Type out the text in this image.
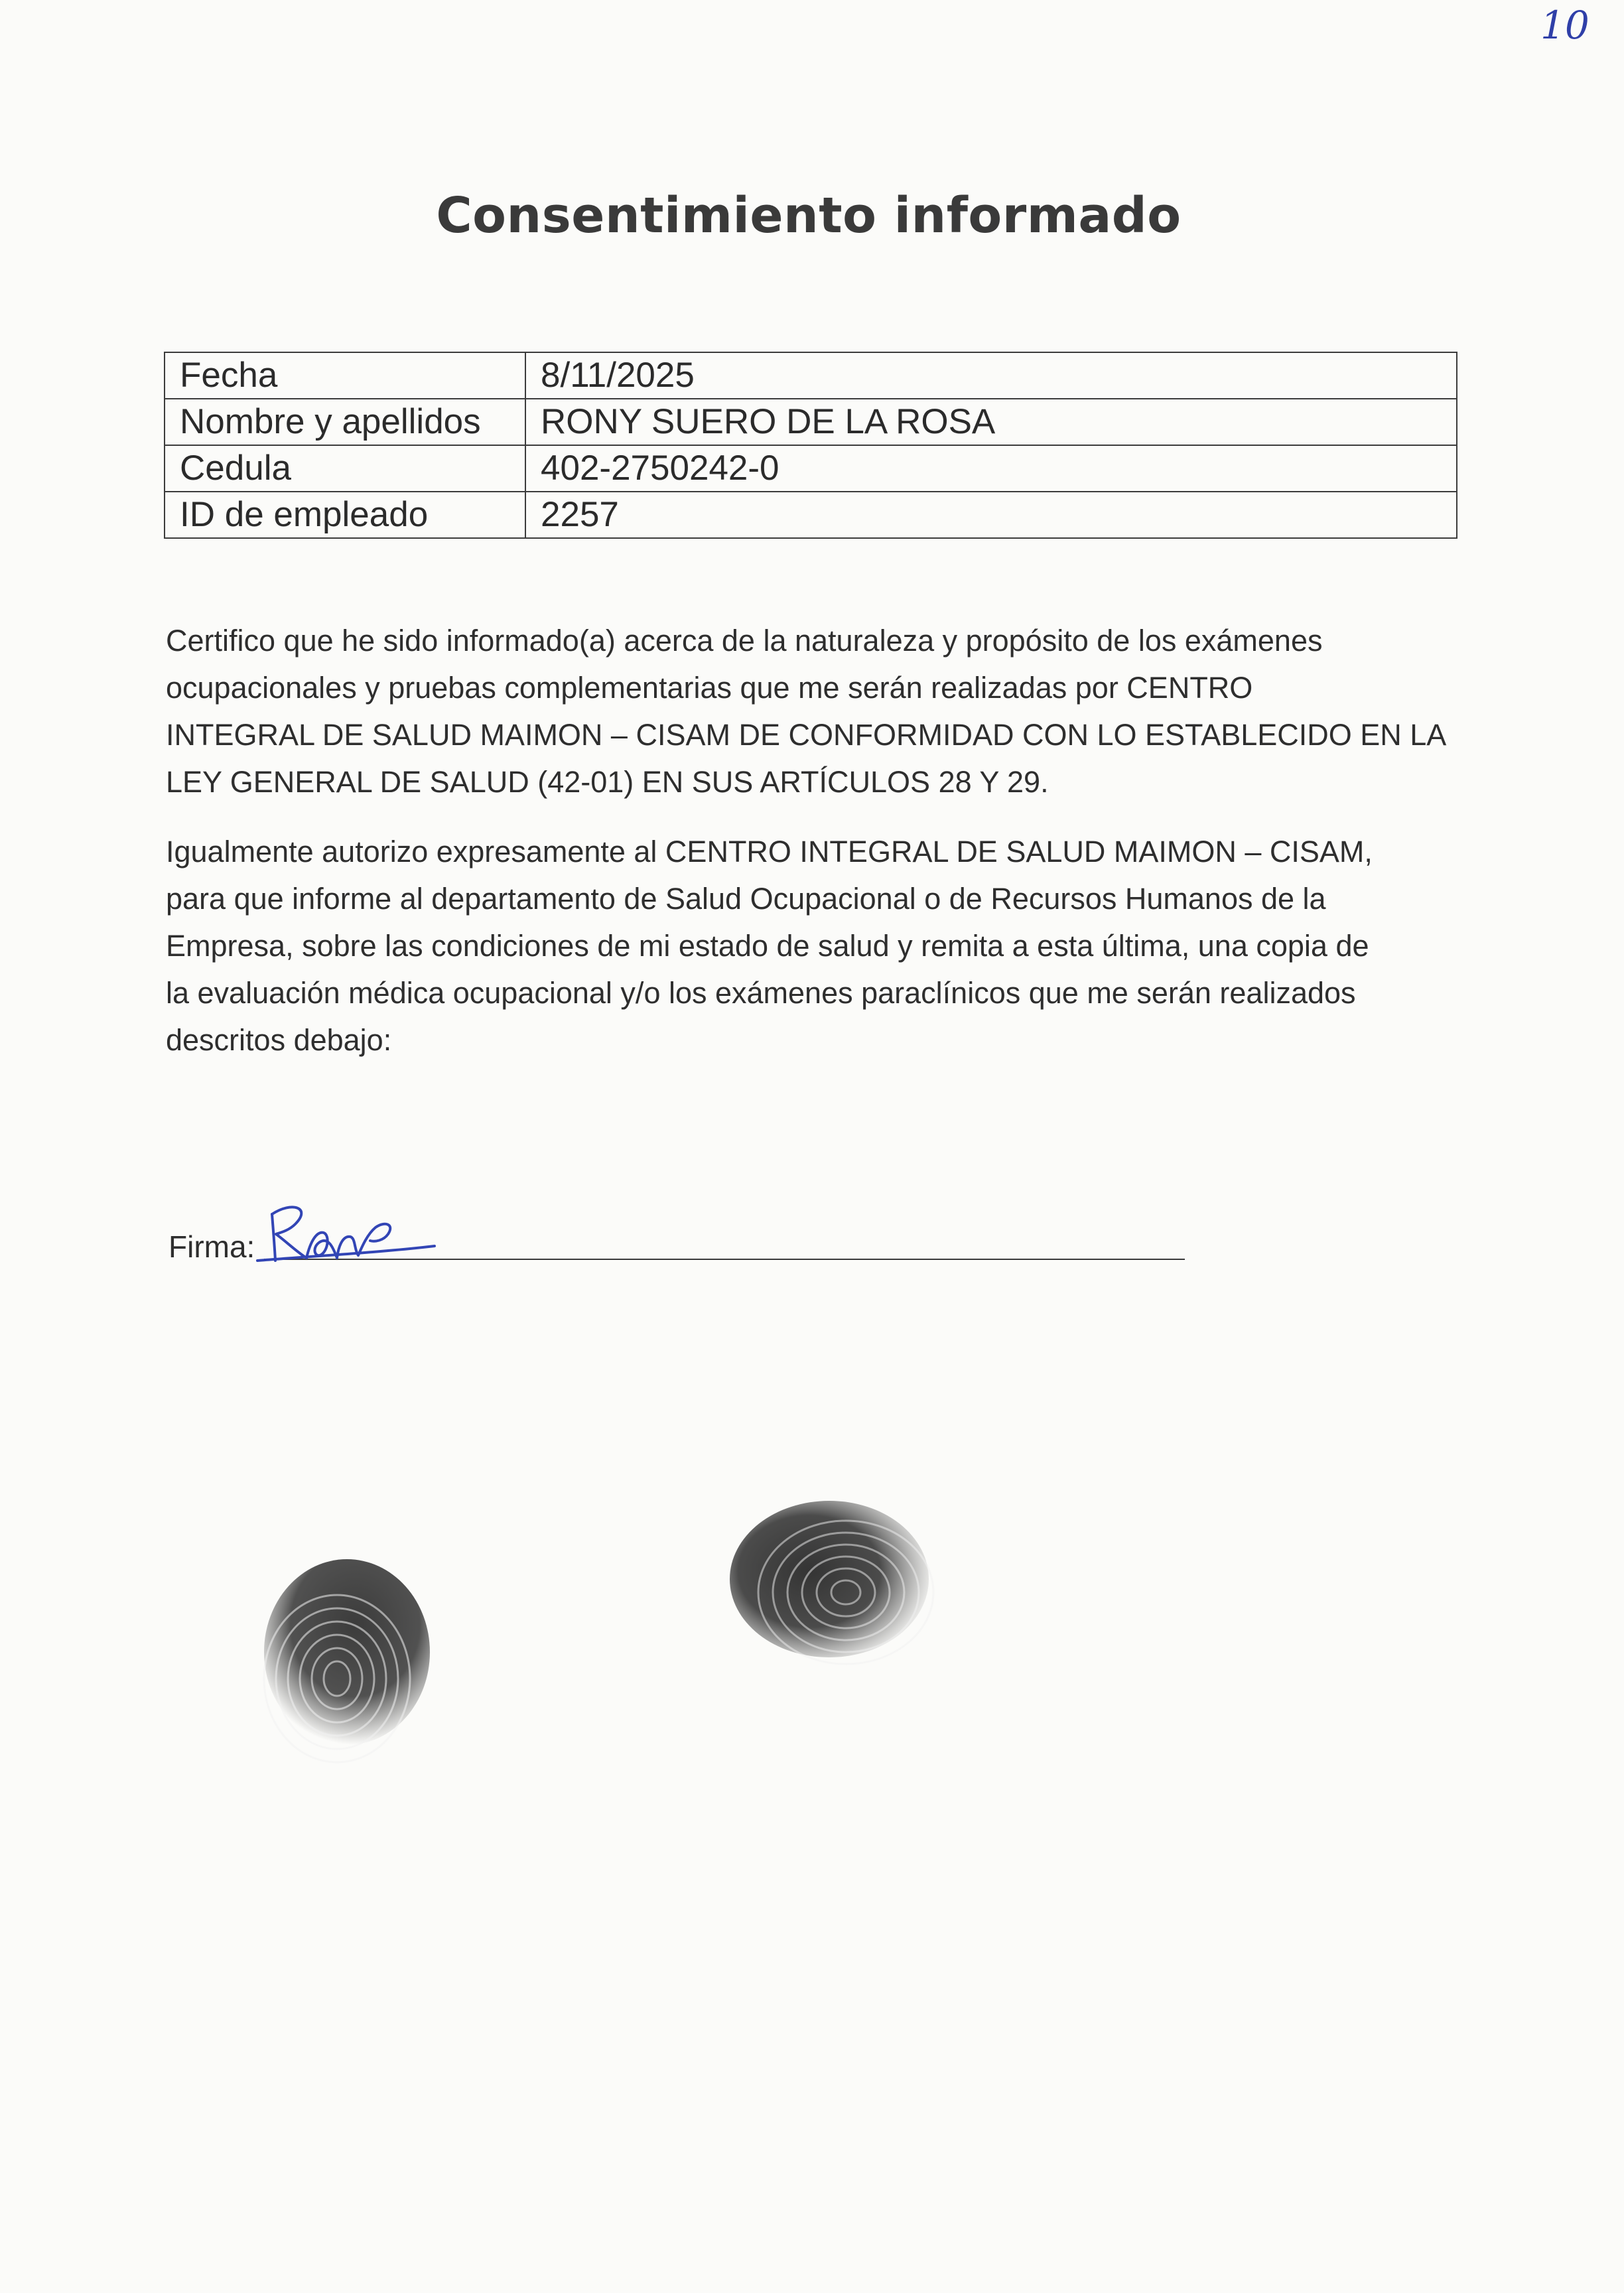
10
Consentimiento informado
Fecha	8/11/2025
Nombre y apellidos	RONY SUERO DE LA ROSA
Cedula	402-2750242-0
ID de empleado	2257
Certifico que he sido informado(a) acerca de la naturaleza y propósito de los exámenes
ocupacionales y pruebas complementarias que me serán realizadas por CENTRO
INTEGRAL DE SALUD MAIMON – CISAM DE CONFORMIDAD CON LO ESTABLECIDO EN LA
LEY GENERAL DE SALUD (42-01) EN SUS ARTÍCULOS 28 Y 29.
Igualmente autorizo expresamente al CENTRO INTEGRAL DE SALUD MAIMON – CISAM,
para que informe al departamento de Salud Ocupacional o de Recursos Humanos de la
Empresa, sobre las condiciones de mi estado de salud y remita a esta última, una copia de
la evaluación médica ocupacional y/o los exámenes paraclínicos que me serán realizados
descritos debajo:
Firma:
